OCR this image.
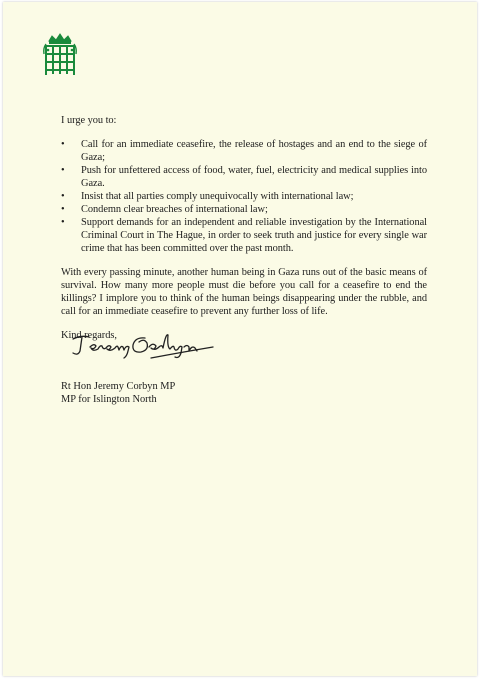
I urge you to:

• Call for an immediate ceasefire, the release of hostages and an end to the siege of Gaza;
• Push for unfettered access of food, water, fuel, electricity and medical supplies into Gaza.
• Insist that all parties comply unequivocally with international law;
• Condemn clear breaches of international law;
• Support demands for an independent and reliable investigation by the International Criminal Court in The Hague, in order to seek truth and justice for every single war crime that has been committed over the past month.

With every passing minute, another human being in Gaza runs out of the basic means of survival. How many more people must die before you call for a ceasefire to end the killings? I implore you to think of the human beings disappearing under the rubble, and call for an immediate ceasefire to prevent any further loss of life.

Kind regards,

Rt Hon Jeremy Corbyn MP
MP for Islington North
